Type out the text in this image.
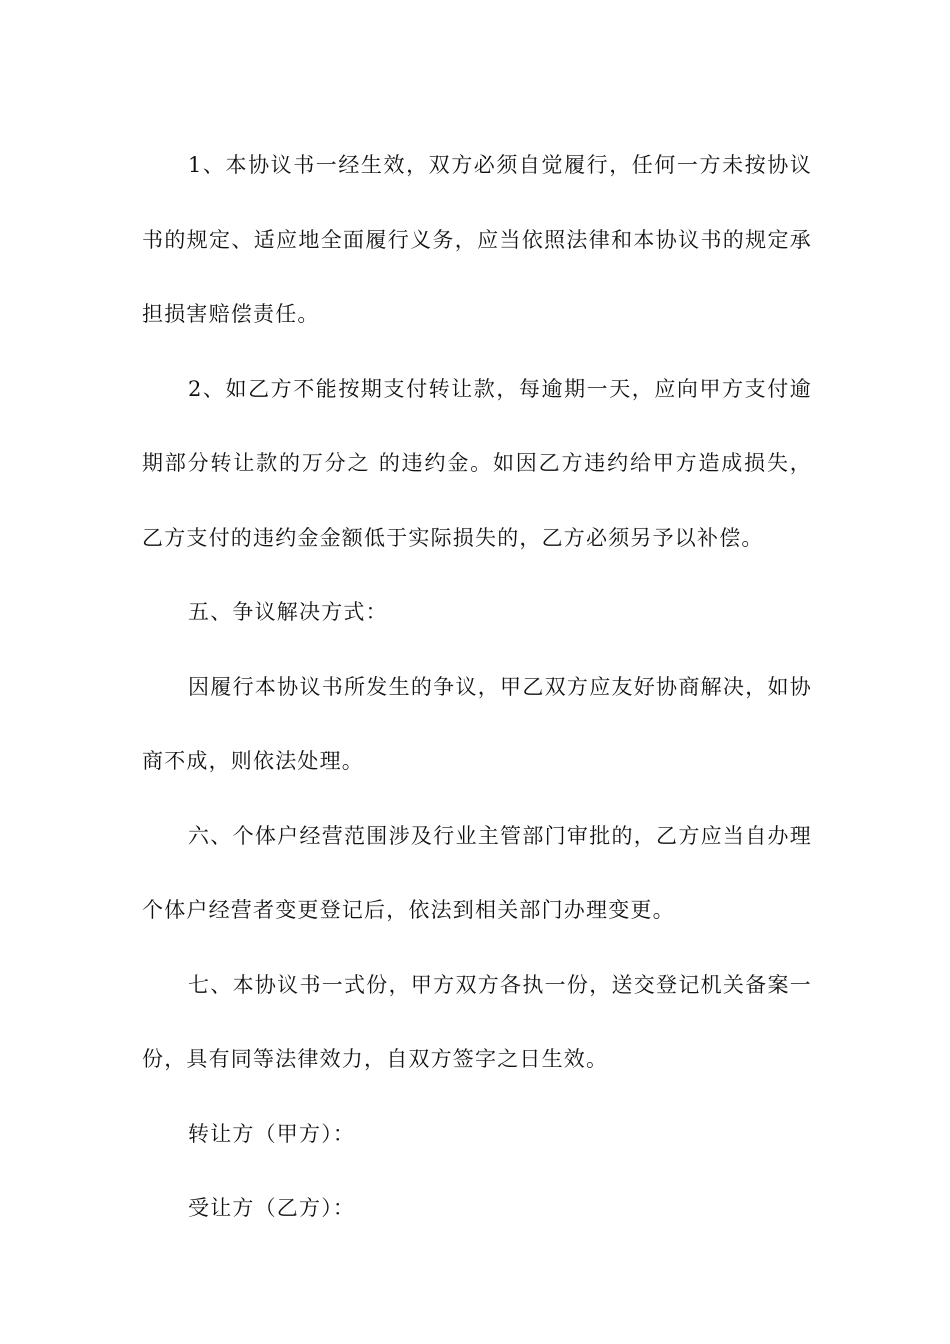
1、本协议书一经生效，双方必须自觉履行，任何一方未按协议书的规定、适应地全面履行义务，应当依照法律和本协议书的规定承担损害赔偿责任。

2、如乙方不能按期支付转让款，每逾期一天，应向甲方支付逾期部分转让款的万分之 的违约金。如因乙方违约给甲方造成损失，乙方支付的违约金金额低于实际损失的，乙方必须另予以补偿。

五、争议解决方式：

因履行本协议书所发生的争议，甲乙双方应友好协商解决，如协商不成，则依法处理。

六、个体户经营范围涉及行业主管部门审批的，乙方应当自办理个体户经营者变更登记后，依法到相关部门办理变更。

七、本协议书一式份，甲方双方各执一份，送交登记机关备案一份，具有同等法律效力，自双方签字之日生效。

转让方（甲方）：

受让方（乙方）：
